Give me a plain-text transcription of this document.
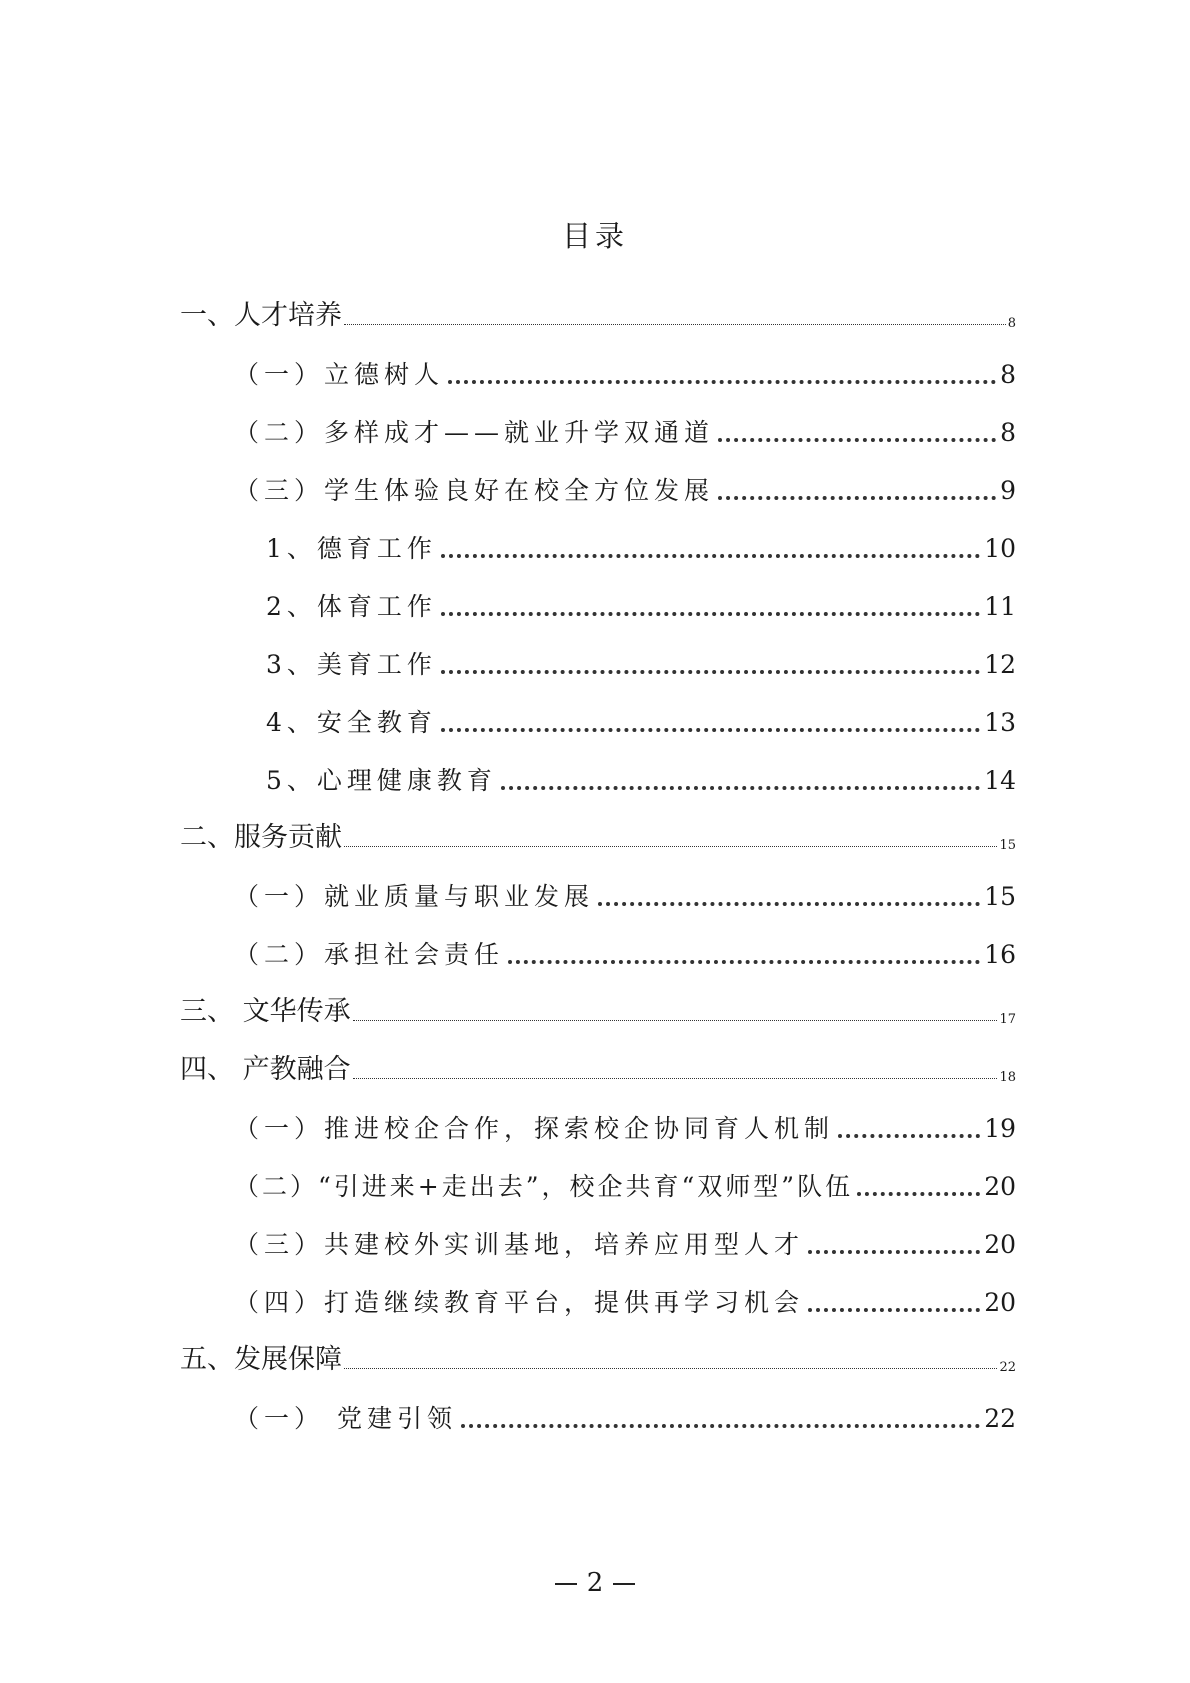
目录
一、人才培养	8
（一）立德树人	8
（二）多样成才——就业升学双通道	8
（三）学生体验良好在校全方位发展	9
1、德育工作	10
2、体育工作	11
3、美育工作	12
4、安全教育	13
5、心理健康教育	14
二、服务贡献	15
（一）就业质量与职业发展	15
（二）承担社会责任	16
三、 文华传承	17
四、 产教融合	18
（一）推进校企合作，探索校企协同育人机制	19
（二）“引进来+走出去”，校企共育“双师型”队伍	20
（三）共建校外实训基地，培养应用型人才	20
（四）打造继续教育平台，提供再学习机会	20
五、发展保障	22
（一） 党建引领	22
2
